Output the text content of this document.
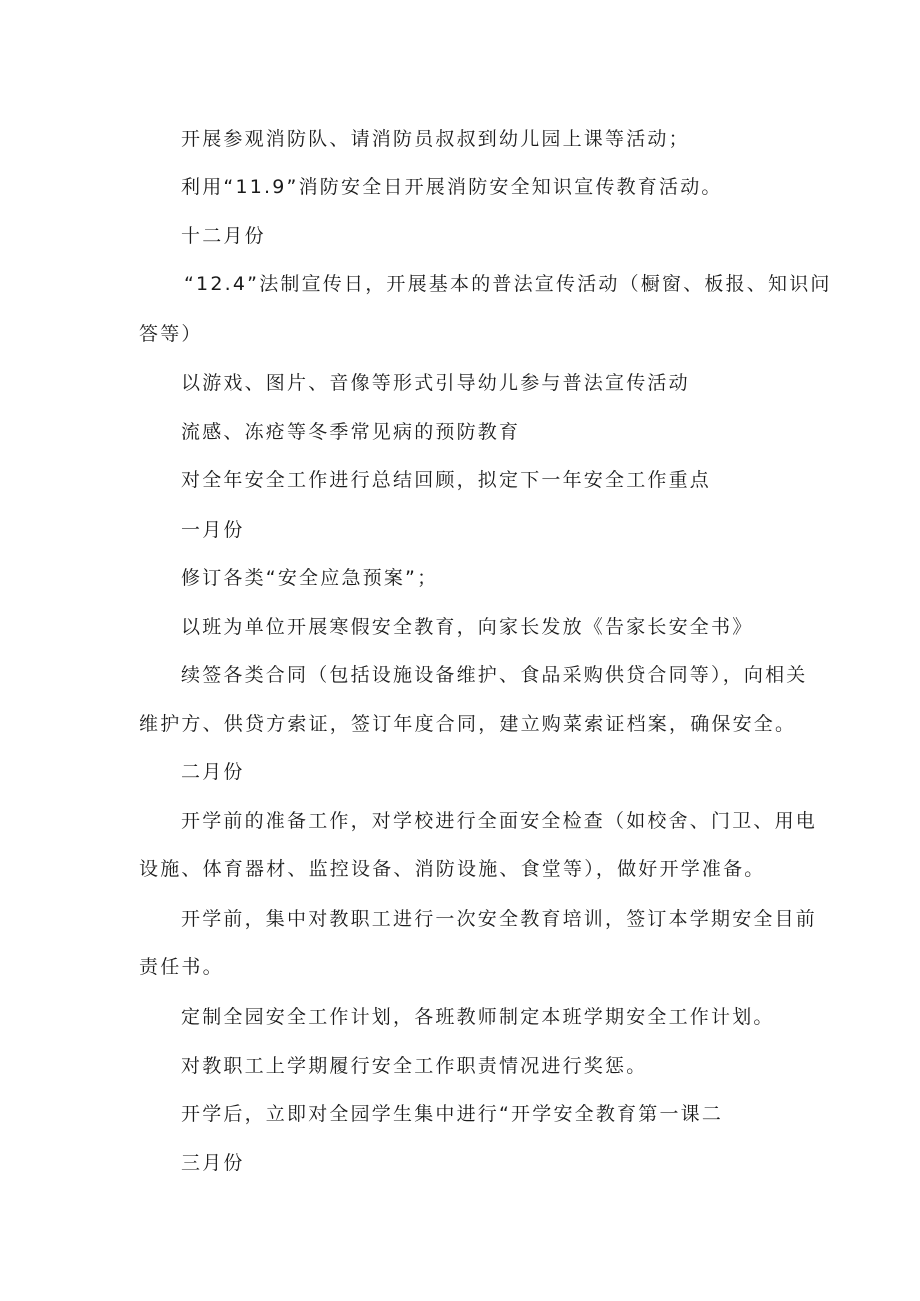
开展参观消防队、请消防员叔叔到幼儿园上课等活动；
利用“11.9”消防安全日开展消防安全知识宣传教育活动。
十二月份
“12.4”法制宣传日，开展基本的普法宣传活动（橱窗、板报、知识问
答等）
以游戏、图片、音像等形式引导幼儿参与普法宣传活动
流感、冻疮等冬季常见病的预防教育
对全年安全工作进行总结回顾，拟定下一年安全工作重点
一月份
修订各类“安全应急预案”；
以班为单位开展寒假安全教育，向家长发放《告家长安全书》
续签各类合同（包括设施设备维护、食品采购供贷合同等），向相关
维护方、供贷方索证，签订年度合同，建立购菜索证档案，确保安全。
二月份
开学前的准备工作，对学校进行全面安全检查（如校舍、门卫、用电
设施、体育器材、监控设备、消防设施、食堂等），做好开学准备。
开学前，集中对教职工进行一次安全教育培训，签订本学期安全目前
责任书。
定制全园安全工作计划，各班教师制定本班学期安全工作计划。
对教职工上学期履行安全工作职责情况进行奖惩。
开学后，立即对全园学生集中进行“开学安全教育第一课二
三月份
